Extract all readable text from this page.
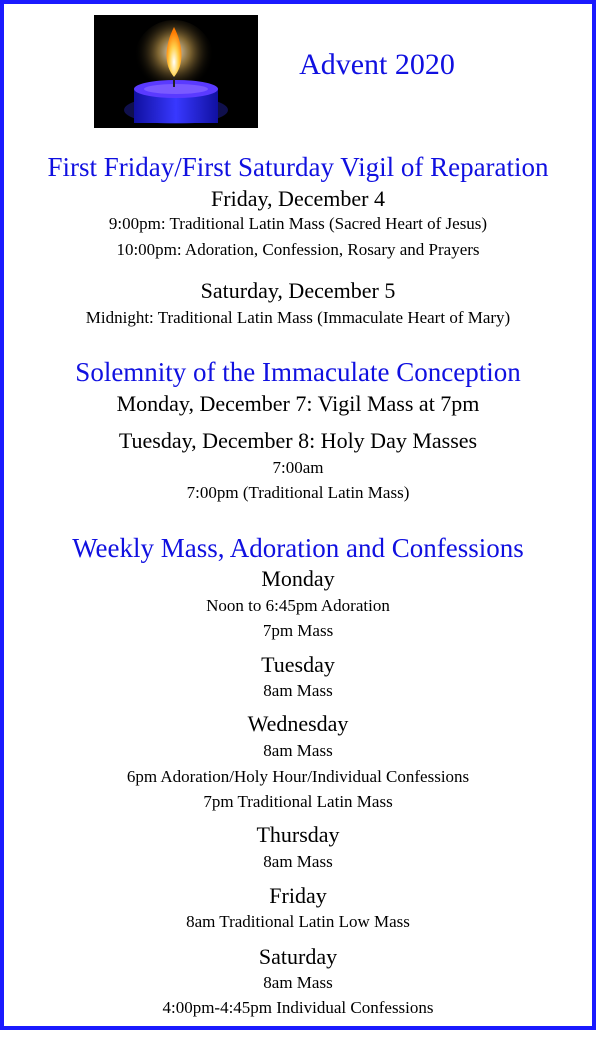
Advent 2020
First Friday/First Saturday Vigil of Reparation
Friday, December 4
9:00pm: Traditional Latin Mass (Sacred Heart of Jesus)
10:00pm: Adoration, Confession, Rosary and Prayers
Saturday, December 5
Midnight: Traditional Latin Mass (Immaculate Heart of Mary)
Solemnity of the Immaculate Conception
Monday, December 7: Vigil Mass at 7pm
Tuesday, December 8: Holy Day Masses
7:00am
7:00pm (Traditional Latin Mass)
Weekly Mass, Adoration and Confessions
Monday
Noon to 6:45pm Adoration
7pm Mass
Tuesday
8am Mass
Wednesday
8am Mass
6pm Adoration/Holy Hour/Individual Confessions
7pm Traditional Latin Mass
Thursday
8am Mass
Friday
8am Traditional Latin Low Mass
Saturday
8am Mass
4:00pm-4:45pm Individual Confessions
